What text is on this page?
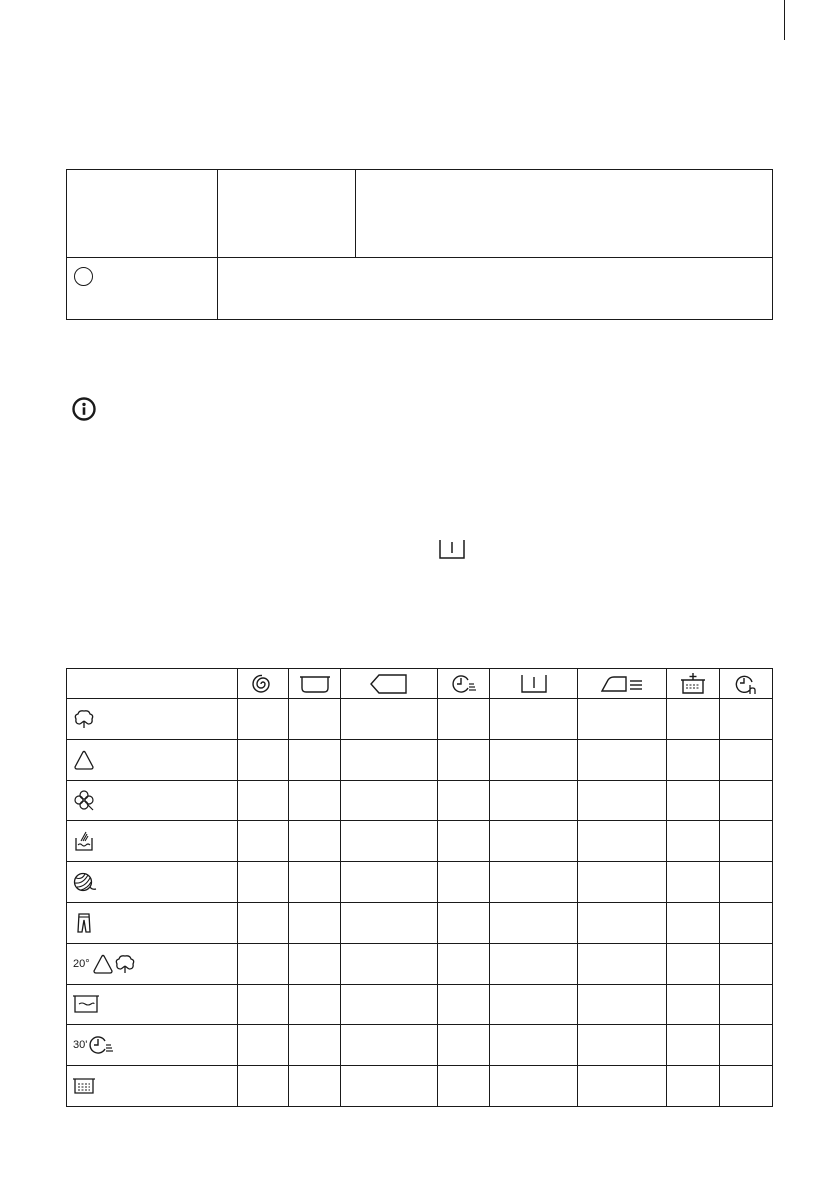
20°								

30'								
